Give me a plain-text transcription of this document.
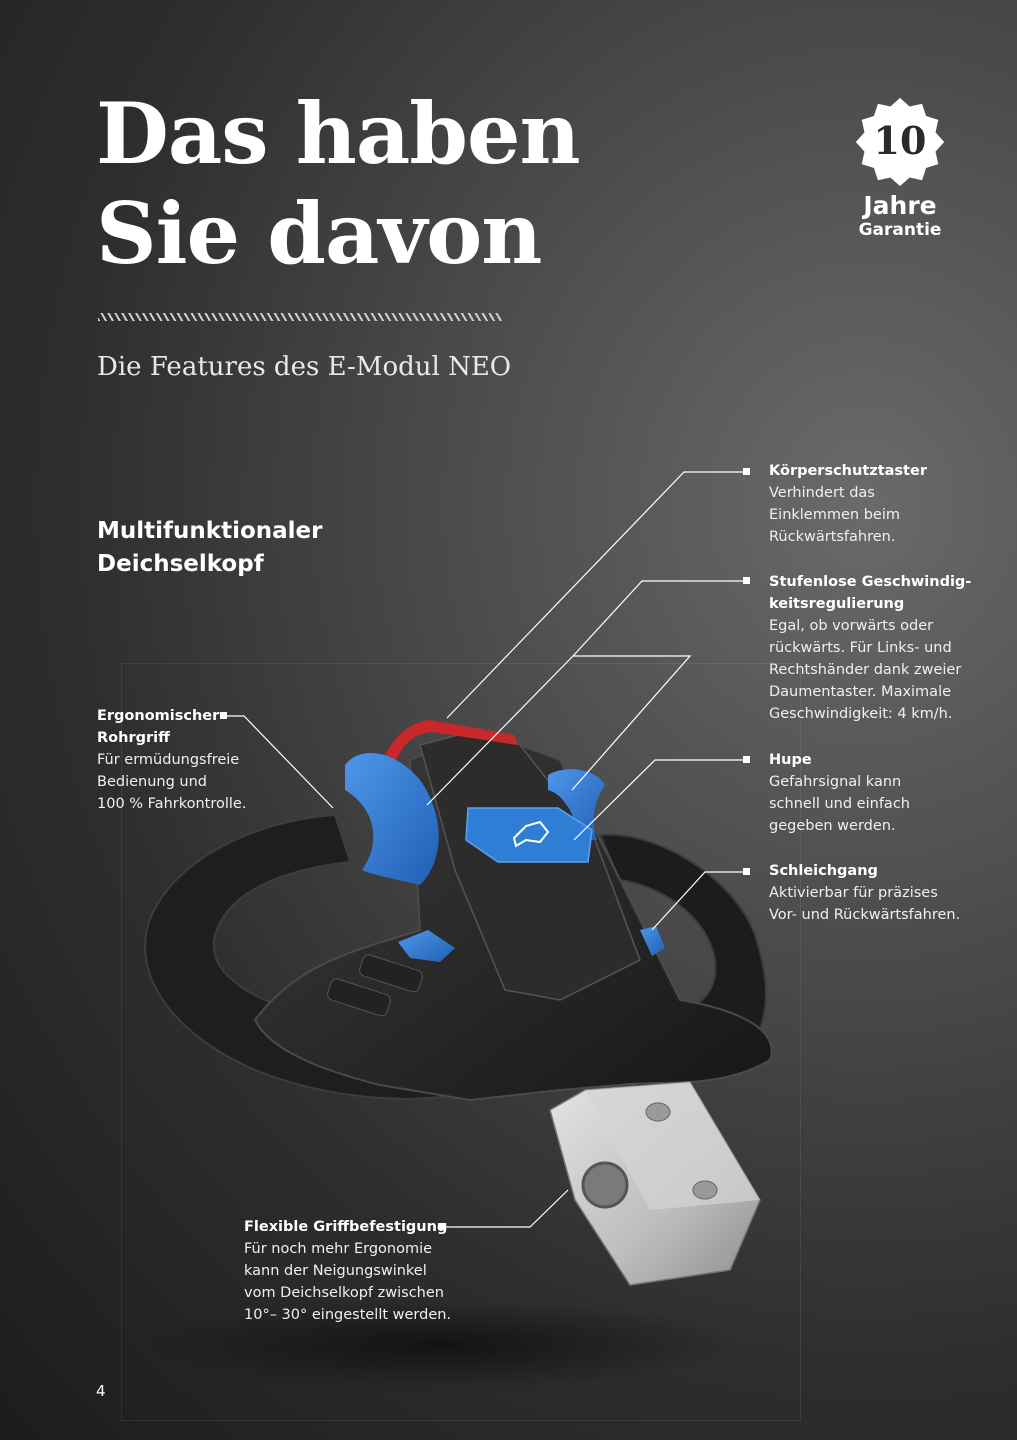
Das haben
Sie davon
Die Features des E-Modul NEO
10
Jahre
Garantie
Multifunktionaler
Deichselkopf
Körperschutztaster
Verhindert das
Einklemmen beim
Rückwärtsfahren.
Stufenlose Geschwindig-
keitsregulierung
Egal, ob vorwärts oder
rückwärts. Für Links- und
Rechtshänder dank zweier
Daumentaster. Maximale
Geschwindigkeit: 4 km/h.
Hupe
Gefahrsignal kann
schnell und einfach
gegeben werden.
Schleichgang
Aktivierbar für präzises
Vor- und Rückwärtsfahren.
Ergonomischer
Rohrgriff
Für ermüdungsfreie
Bedienung und
100 % Fahrkontrolle.
Flexible Griffbefestigung
Für noch mehr Ergonomie
kann der Neigungswinkel
vom Deichselkopf zwischen
10°– 30° eingestellt werden.
4
